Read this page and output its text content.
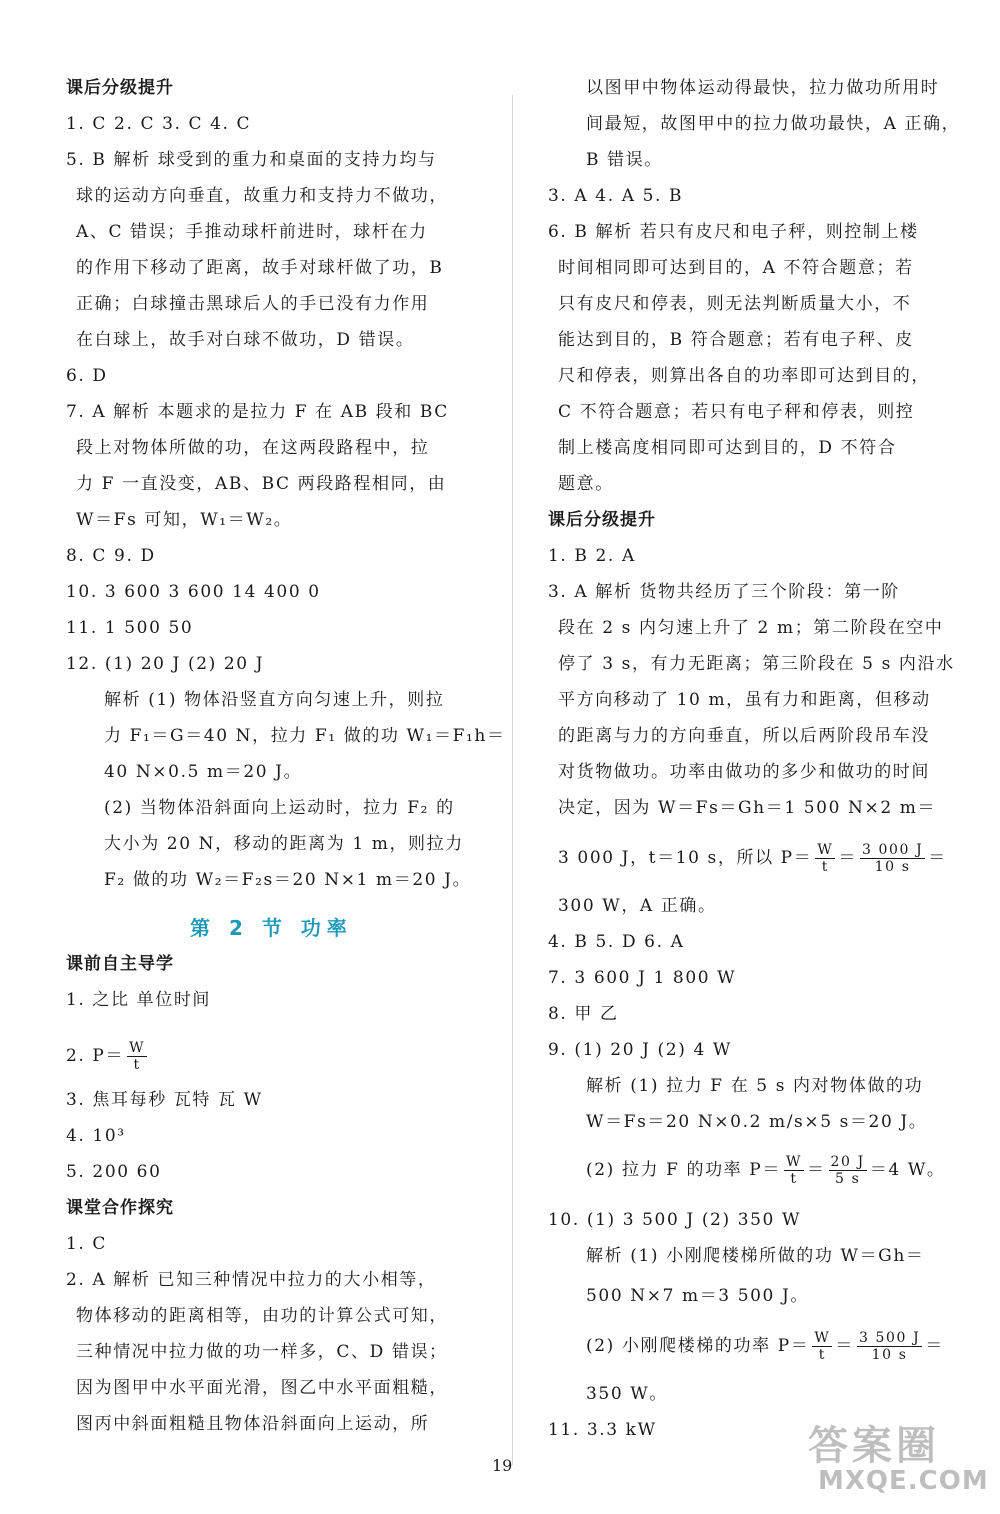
课后分级提升
1. C 2. C 3. C 4. C
5. B 解析 球受到的重力和桌面的支持力均与
球的运动方向垂直，故重力和支持力不做功，
A、C 错误；手推动球杆前进时，球杆在力
的作用下移动了距离，故手对球杆做了功，B
正确；白球撞击黑球后人的手已没有力作用
在白球上，故手对白球不做功，D 错误。
6. D
7. A 解析 本题求的是拉力 F 在 AB 段和 BC
段上对物体所做的功，在这两段路程中，拉
力 F 一直没变，AB、BC 两段路程相同，由
W＝Fs 可知，W₁＝W₂。
8. C 9. D
10. 3 600 3 600 14 400 0
11. 1 500 50
12. (1) 20 J (2) 20 J
解析 (1) 物体沿竖直方向匀速上升，则拉
力 F₁＝G＝40 N，拉力 F₁ 做的功 W₁＝F₁h＝
40 N×0.5 m＝20 J。
(2) 当物体沿斜面向上运动时，拉力 F₂ 的
大小为 20 N，移动的距离为 1 m，则拉力
F₂ 做的功 W₂＝F₂s＝20 N×1 m＝20 J。
课前自主导学
1. 之比 单位时间
2. $P= \frac{W}{t}$
3. 焦耳每秒 瓦特 瓦 W
4. 10³
5. 200 60
课堂合作探究
1. C
2. A 解析 已知三种情况中拉力的大小相等，
物体移动的距离相等，由功的计算公式可知，
三种情况中拉力做的功一样多，C、D 错误；
因为图甲中水平面光滑，图乙中水平面粗糙，
图丙中斜面粗糙且物体沿斜面向上运动，所
第 2 节 功率
以图甲中物体运动得最快，拉力做功所用时
间最短，故图甲中的拉力做功最快，A 正确，
B 错误。
3. A 4. A 5. B
6. B 解析 若只有皮尺和电子秤，则控制上楼
时间相同即可达到目的，A 不符合题意；若
只有皮尺和停表，则无法判断质量大小，不
能达到目的，B 符合题意；若有电子秤、皮
尺和停表，则算出各自的功率即可达到目的，
C 不符合题意；若只有电子秤和停表，则控
制上楼高度相同即可达到目的，D 不符合
题意。
课后分级提升
1. B 2. A
3. A 解析 货物共经历了三个阶段：第一阶
段在 2 s 内匀速上升了 2 m；第二阶段在空中
停了 3 s，有力无距离；第三阶段在 5 s 内沿水
平方向移动了 10 m，虽有力和距离，但移动
的距离与力的方向垂直，所以后两阶段吊车没
对货物做功。功率由做功的多少和做功的时间
决定，因为 W＝Fs＝Gh＝1 500 N×2 m＝
3 000 J，t＝10 s，所以 $P= \frac{W}{t} = \frac{3 000 J}{10 s}$ ＝
300 W，A 正确。
4. B 5. D 6. A
7. 3 600 J 1 800 W
8. 甲 乙
9. (1) 20 J (2) 4 W
解析 (1) 拉力 F 在 5 s 内对物体做的功
W＝Fs＝20 N×0.2 m/s×5 s＝20 J。
(2) 拉力 F 的功率 $P= \frac{W}{t} = \frac{20 J}{5 s} =4$ W。
10. (1) 3 500 J (2) 350 W
解析 (1) 小刚爬楼梯所做的功 W＝Gh＝
500 N×7 m＝3 500 J。
(2) 小刚爬楼梯的功率 $P= \frac{W}{t} = \frac{3 500 J}{10 s}$ ＝
350 W。
11. 3.3 kW
19	答案圈
MXQE.COM
